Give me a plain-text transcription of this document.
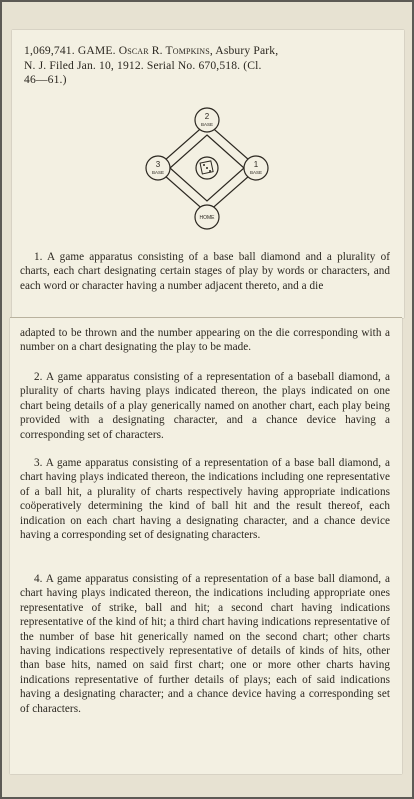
1,069,741. GAME. Oscar R. Tompkins, Asbury Park,
N. J. Filed Jan. 10, 1912. Serial No. 670,518. (Cl.
46—61.)
2
BASE
3
BASE
1
BASE
HOME

1. A game apparatus consisting of a base ball diamond and a plurality of charts, each chart designating certain stages of play by words or characters, and each word or character having a number adjacent thereto, and a die

adapted to be thrown and the number appearing on the die corresponding with a number on a chart designating the play to be made.

2. A game apparatus consisting of a representation of a baseball diamond, a plurality of charts having plays indicated thereon, the plays indicated on one chart being details of a play generically named on another chart, each play being provided with a designating character, and a chance device having a corresponding set of characters.

3. A game apparatus consisting of a representation of a base ball diamond, a chart having plays indicated thereon, the indications including one representative of a ball hit, a plurality of charts respectively having appropriate indications coöperatively determining the kind of ball hit and the result thereof, each indication on each chart having a designating character, and a chance device having a corresponding set of designating characters.

4. A game apparatus consisting of a representation of a base ball diamond, a chart having plays indicated thereon, the indications including appropriate ones representative of strike, ball and hit; a second chart having indications representative of the kind of hit; a third chart having indications representative of the number of base hit generically named on the second chart; other charts having indications respectively representative of details of kinds of hits, other than base hits, named on said first chart; one or more other charts having indications representative of further details of plays; each of said indications having a designating character; and a chance device having a corresponding set of characters.
